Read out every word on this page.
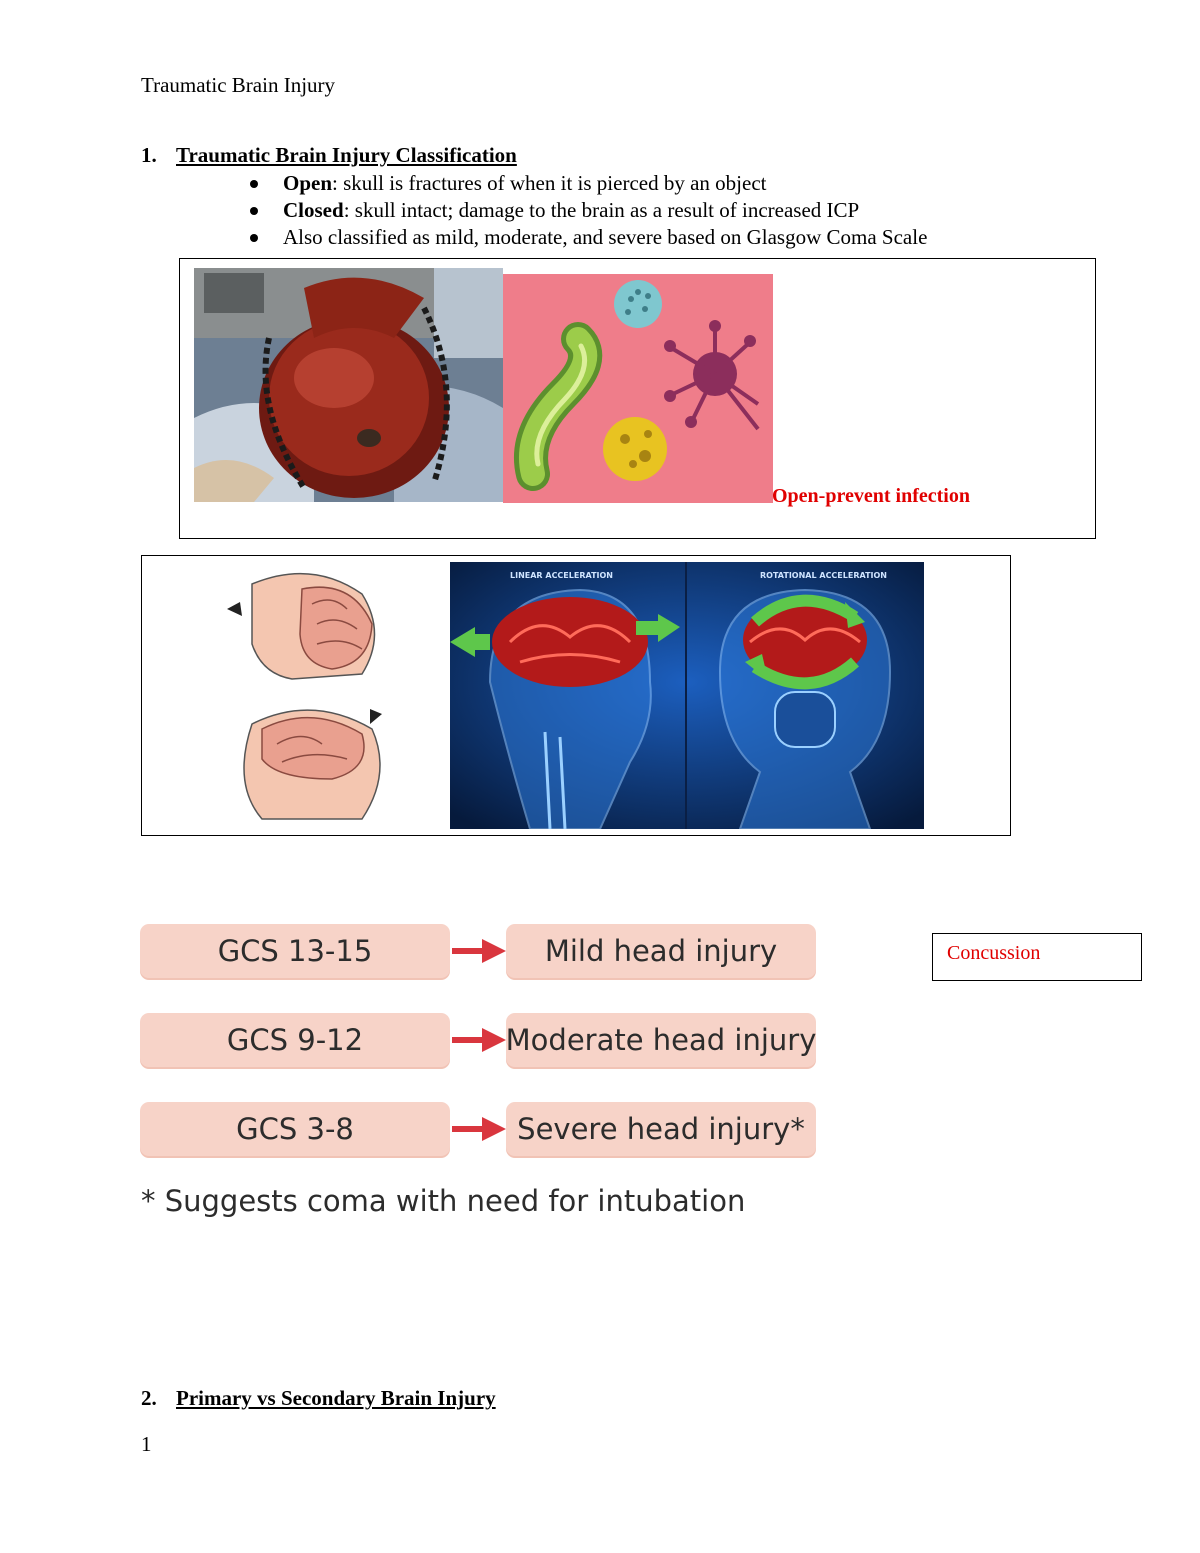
Traumatic Brain Injury
1. Traumatic Brain Injury Classification
Open: skull is fractures of when it is pierced by an object
Closed: skull intact; damage to the brain as a result of increased ICP
Also classified as mild, moderate, and severe based on Glasgow Coma Scale
Open-prevent infection
LINEAR ACCELERATION	ROTATIONAL ACCELERATION
GCS 13-15	Mild head injury
GCS 9-12	Moderate head injury
GCS 3-8	Severe head injury*
* Suggests coma with need for intubation
Concussion
2. Primary vs Secondary Brain Injury
1
